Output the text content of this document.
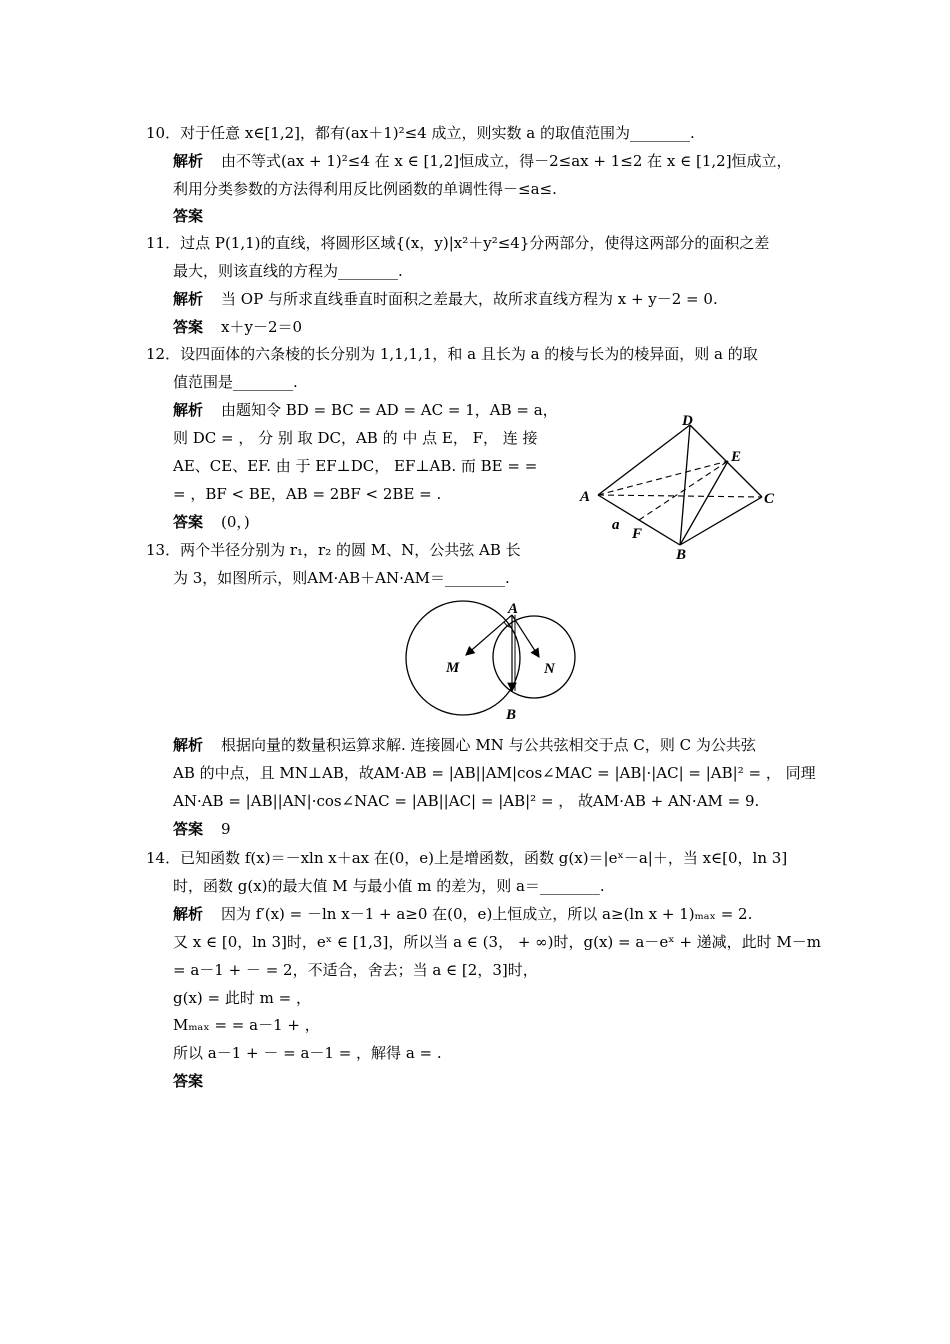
10．对于任意 x∈[1,2]，都有(ax＋1)²≤4 成立，则实数 a 的取值范围为________.
解析 由不等式(ax + 1)²≤4 在 x ∈ [1,2]恒成立，得－2≤ax + 1≤2 在 x ∈ [1,2]恒成立，
利用分类参数的方法得利用反比例函数的单调性得－≤a≤.
答案
11．过点 P(1,1)的直线，将圆形区域{(x，y)|x²＋y²≤4}分两部分，使得这两部分的面积之差
最大，则该直线的方程为________.
解析 当 OP 与所求直线垂直时面积之差最大，故所求直线方程为 x + y－2 = 0.
答案 x＋y－2＝0
12．设四面体的六条棱的长分别为 1,1,1,1，和 a 且长为 a 的棱与长为的棱异面，则 a 的取
值范围是________.
解析 由题知令 BD = BC = AD = AC = 1，AB = a，
则 DC = ， 分 别 取 DC，AB 的 中 点 E， F， 连 接
AE、CE、EF. 由 于 EF⊥DC， EF⊥AB. 而 BE = =
= ，BF < BE，AB = 2BF < 2BE = .
答案 (0，)
D
E
A	C
a
F
B
13．两个半径分别为 r₁，r₂ 的圆 M、N，公共弦 AB 长
为 3，如图所示，则AM·AB＋AN·AM＝________.
A
M	N
B
解析 根据向量的数量积运算求解. 连接圆心 MN 与公共弦相交于点 C，则 C 为公共弦
AB 的中点，且 MN⊥AB，故AM·AB = |AB||AM|cos∠MAC = |AB|·|AC| = |AB|² = ， 同理
AN·AB = |AB||AN|·cos∠NAC = |AB||AC| = |AB|² = ， 故AM·AB + AN·AM = 9.
答案 9
14．已知函数 f(x)＝－xln x＋ax 在(0，e)上是增函数，函数 g(x)＝|eˣ－a|＋，当 x∈[0，ln 3]
时，函数 g(x)的最大值 M 与最小值 m 的差为，则 a＝________.
解析 因为 f′(x) = －ln x－1 + a≥0 在(0，e)上恒成立，所以 a≥(ln x + 1)ₘₐₓ = 2.
又 x ∈ [0，ln 3]时，eˣ ∈ [1,3]，所以当 a ∈ (3， + ∞)时，g(x) = a－eˣ + 递减，此时 M－m
= a－1 + － = 2，不适合，舍去；当 a ∈ [2，3]时，
g(x) = 此时 m = ，
Mₘₐₓ = = a－1 + ，
所以 a－1 + － = a－1 = ，解得 a = .
答案
